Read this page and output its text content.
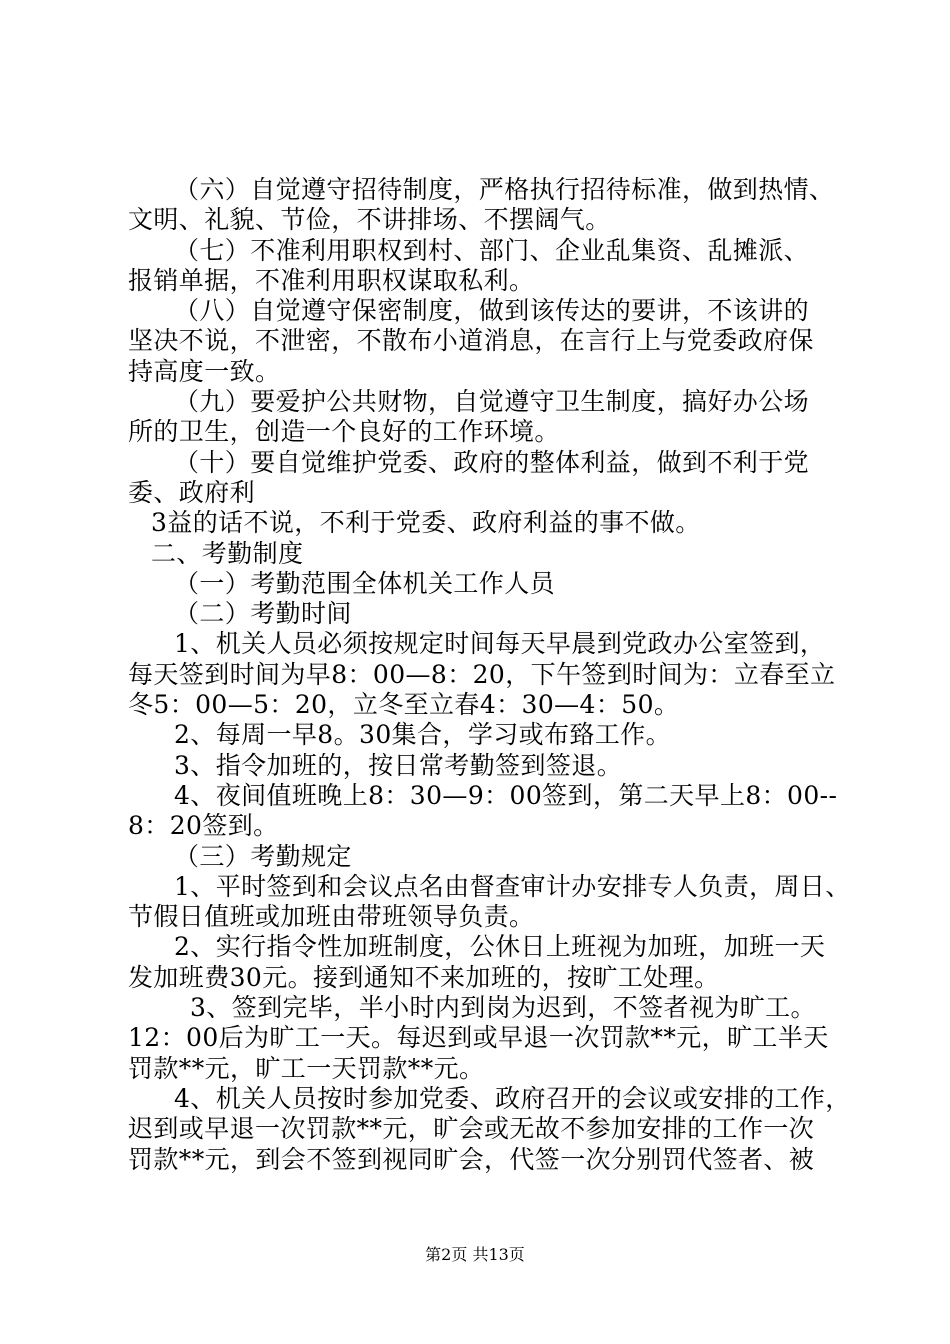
（六）自觉遵守招待制度，严格执行招待标准，做到热情、
文明、礼貌、节俭，不讲排场、不摆阔气。
（七）不准利用职权到村、部门、企业乱集资、乱摊派、
报销单据，不准利用职权谋取私利。
（八）自觉遵守保密制度，做到该传达的要讲，不该讲的
坚决不说，不泄密，不散布小道消息，在言行上与党委政府保
持高度一致。
（九）要爱护公共财物，自觉遵守卫生制度，搞好办公场
所的卫生，创造一个良好的工作环境。
（十）要自觉维护党委、政府的整体利益，做到不利于党
委、政府利
3益的话不说，不利于党委、政府利益的事不做。
二、考勤制度
（一）考勤范围全体机关工作人员
（二）考勤时间
1、机关人员必须按规定时间每天早晨到党政办公室签到，
每天签到时间为早8：00—8：20，下午签到时间为：立春至立
冬5：00—5：20，立冬至立春4：30—4：50。
2、每周一早8。30集合，学习或布臵工作。
3、指令加班的，按日常考勤签到签退。
4、夜间值班晚上8：30—9：00签到，第二天早上8：00--
8：20签到。
（三）考勤规定
1、平时签到和会议点名由督查审计办安排专人负责，周日、
节假日值班或加班由带班领导负责。
2、实行指令性加班制度，公休日上班视为加班，加班一天
发加班费30元。接到通知不来加班的，按旷工处理。
3、签到完毕，半小时内到岗为迟到，不签者视为旷工。
12：00后为旷工一天。每迟到或早退一次罚款**元，旷工半天
罚款**元，旷工一天罚款**元。
4、机关人员按时参加党委、政府召开的会议或安排的工作，
迟到或早退一次罚款**元，旷会或无故不参加安排的工作一次
罚款**元，到会不签到视同旷会，代签一次分别罚代签者、被
第2页 共13页
